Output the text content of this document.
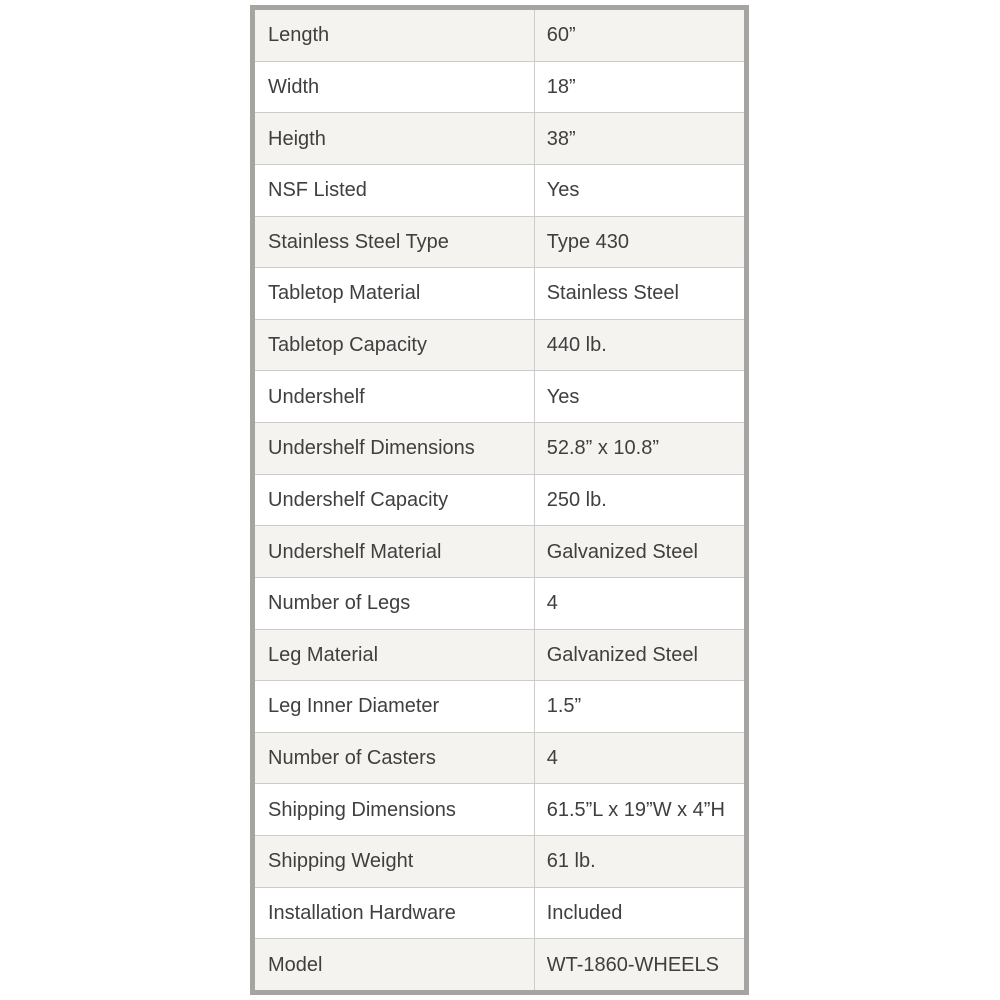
Length	60”
Width	18”
Heigth	38”
NSF Listed	Yes
Stainless Steel Type	Type 430
Tabletop Material	Stainless Steel
Tabletop Capacity	440 lb.
Undershelf	Yes
Undershelf Dimensions	52.8” x 10.8”
Undershelf Capacity	250 lb.
Undershelf Material	Galvanized Steel
Number of Legs	4
Leg Material	Galvanized Steel
Leg Inner Diameter	1.5”
Number of Casters	4
Shipping Dimensions	61.5”L x 19”W x 4”H
Shipping Weight	61 lb.
Installation Hardware	Included
Model	WT-1860-WHEELS
